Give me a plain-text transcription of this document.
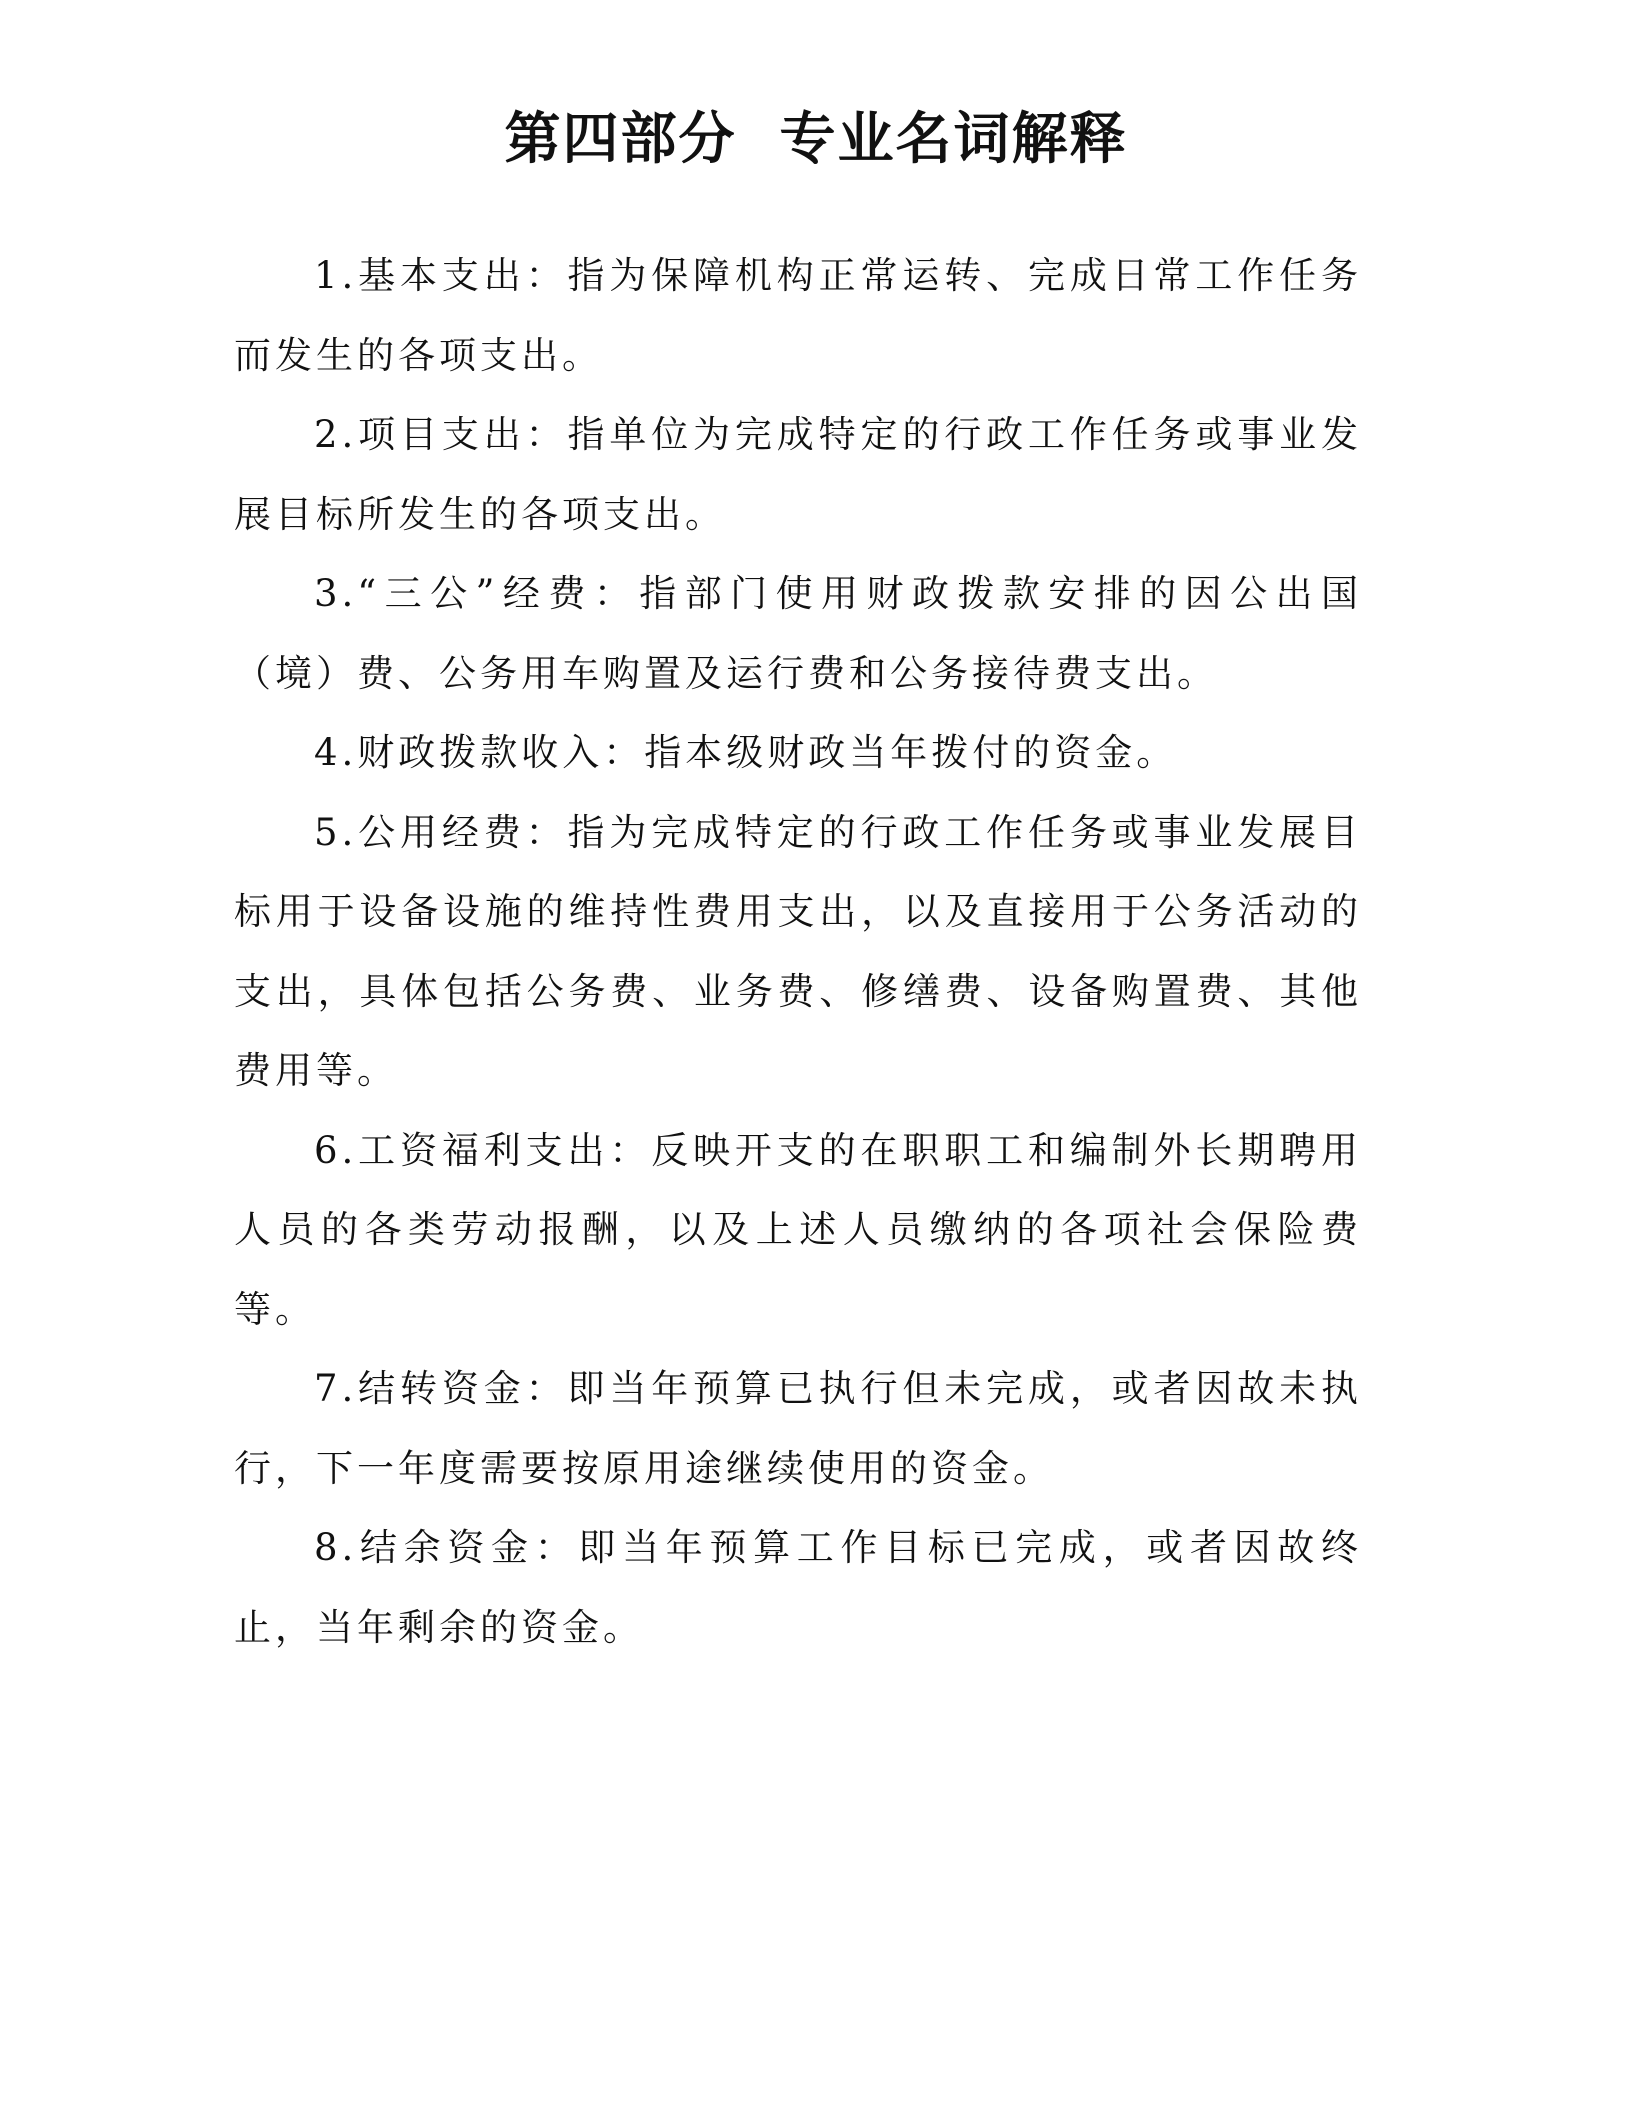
第四部分  专业名词解释

1.基本支出：指为保障机构正常运转、完成日常工作任务而发生的各项支出。

2.项目支出：指单位为完成特定的行政工作任务或事业发展目标所发生的各项支出。

3.“三公”经费：指部门使用财政拨款安排的因公出国（境）费、公务用车购置及运行费和公务接待费支出。

4.财政拨款收入：指本级财政当年拨付的资金。

5.公用经费：指为完成特定的行政工作任务或事业发展目标用于设备设施的维持性费用支出，以及直接用于公务活动的支出，具体包括公务费、业务费、修缮费、设备购置费、其他费用等。

6.工资福利支出：反映开支的在职职工和编制外长期聘用人员的各类劳动报酬，以及上述人员缴纳的各项社会保险费等。

7.结转资金：即当年预算已执行但未完成，或者因故未执行，下一年度需要按原用途继续使用的资金。

8.结余资金：即当年预算工作目标已完成，或者因故终止，当年剩余的资金。
